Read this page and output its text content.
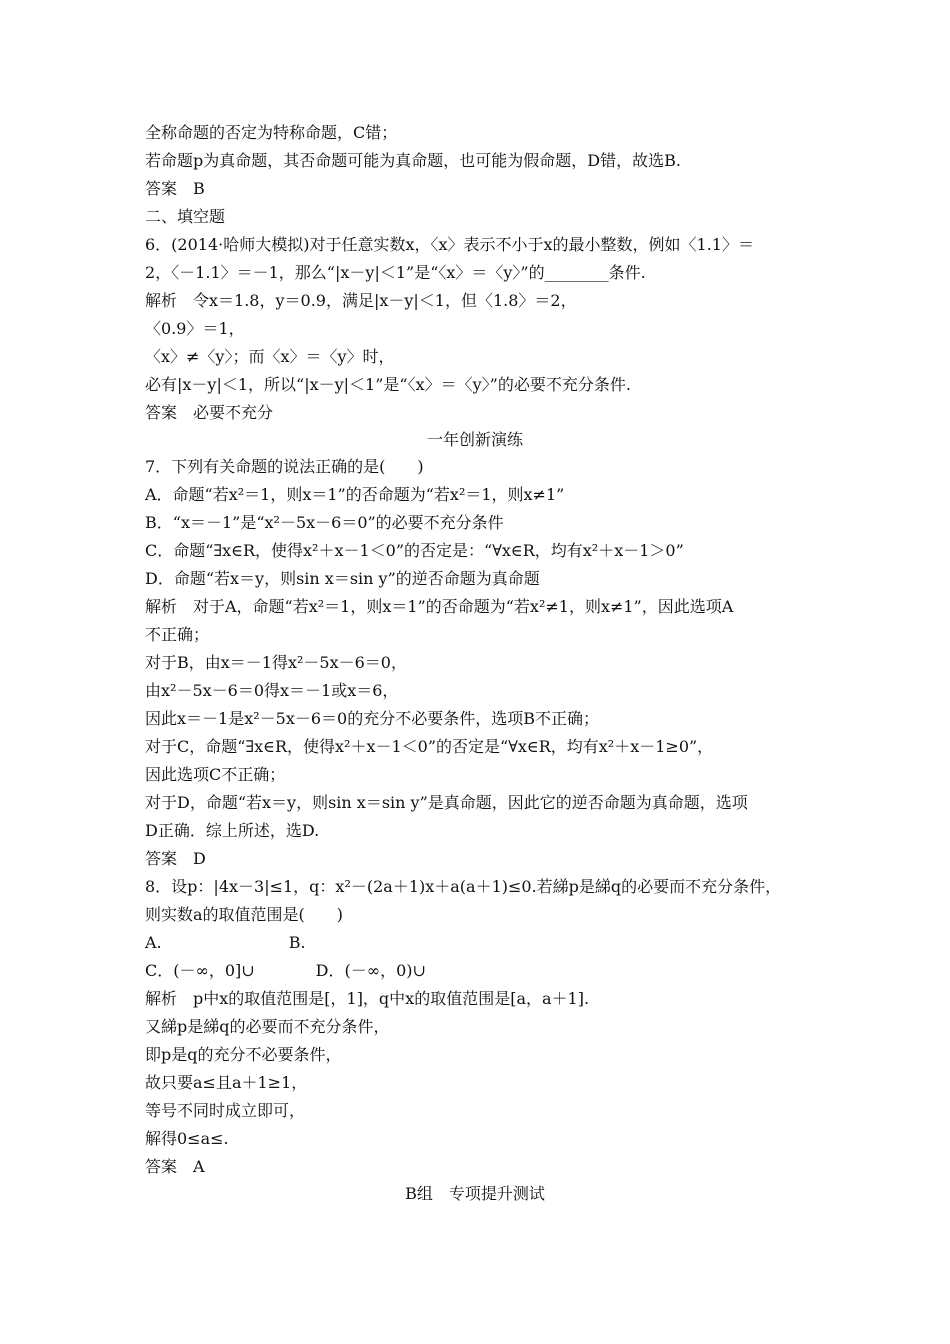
全称命题的否定为特称命题，C错；
若命题p为真命题，其否命题可能为真命题，也可能为假命题，D错，故选B.
答案　B
二、填空题
6．(2014·哈师大模拟)对于任意实数x，〈x〉表示不小于x的最小整数，例如〈1.1〉＝
2，〈－1.1〉＝－1，那么“|x－y|＜1”是“〈x〉＝〈y〉”的________条件.
解析　令x＝1.8，y＝0.9，满足|x－y|＜1，但〈1.8〉＝2，
〈0.9〉＝1，
〈x〉≠〈y〉；而〈x〉＝〈y〉时，
必有|x－y|＜1，所以“|x－y|＜1”是“〈x〉＝〈y〉”的必要不充分条件.
答案　必要不充分
一年创新演练
7．下列有关命题的说法正确的是(　　)
A．命题“若x²＝1，则x＝1”的否命题为“若x²＝1，则x≠1”
B．“x＝－1”是“x²－5x－6＝0”的必要不充分条件
C．命题“∃x∈R，使得x²＋x－1＜0”的否定是：“∀x∈R，均有x²＋x－1＞0”
D．命题“若x＝y，则sin x＝sin y”的逆否命题为真命题
解析　对于A，命题“若x²＝1，则x＝1”的否命题为“若x²≠1，则x≠1”，因此选项A
不正确；
对于B，由x＝－1得x²－5x－6＝0，
由x²－5x－6＝0得x＝－1或x＝6，
因此x＝－1是x²－5x－6＝0的充分不必要条件，选项B不正确；
对于C，命题“∃x∈R，使得x²＋x－1＜0”的否定是“∀x∈R，均有x²＋x－1≥0”，
因此选项C不正确；
对于D，命题“若x＝y，则sin x＝sin y”是真命题，因此它的逆否命题为真命题，选项
D正确．综上所述，选D.
答案　D
8．设p：|4x－3|≤1，q：x²－(2a＋1)x＋a(a＋1)≤0.若綈p是綈q的必要而不充分条件，
则实数a的取值范围是(　　)
A.                         B.
C．(－∞，0]∪            D．(－∞，0)∪
解析　p中x的取值范围是[，1]，q中x的取值范围是[a，a＋1].
又綈p是綈q的必要而不充分条件，
即p是q的充分不必要条件，
故只要a≤且a＋1≥1，
等号不同时成立即可，
解得0≤a≤.
答案　A
B组　专项提升测试
